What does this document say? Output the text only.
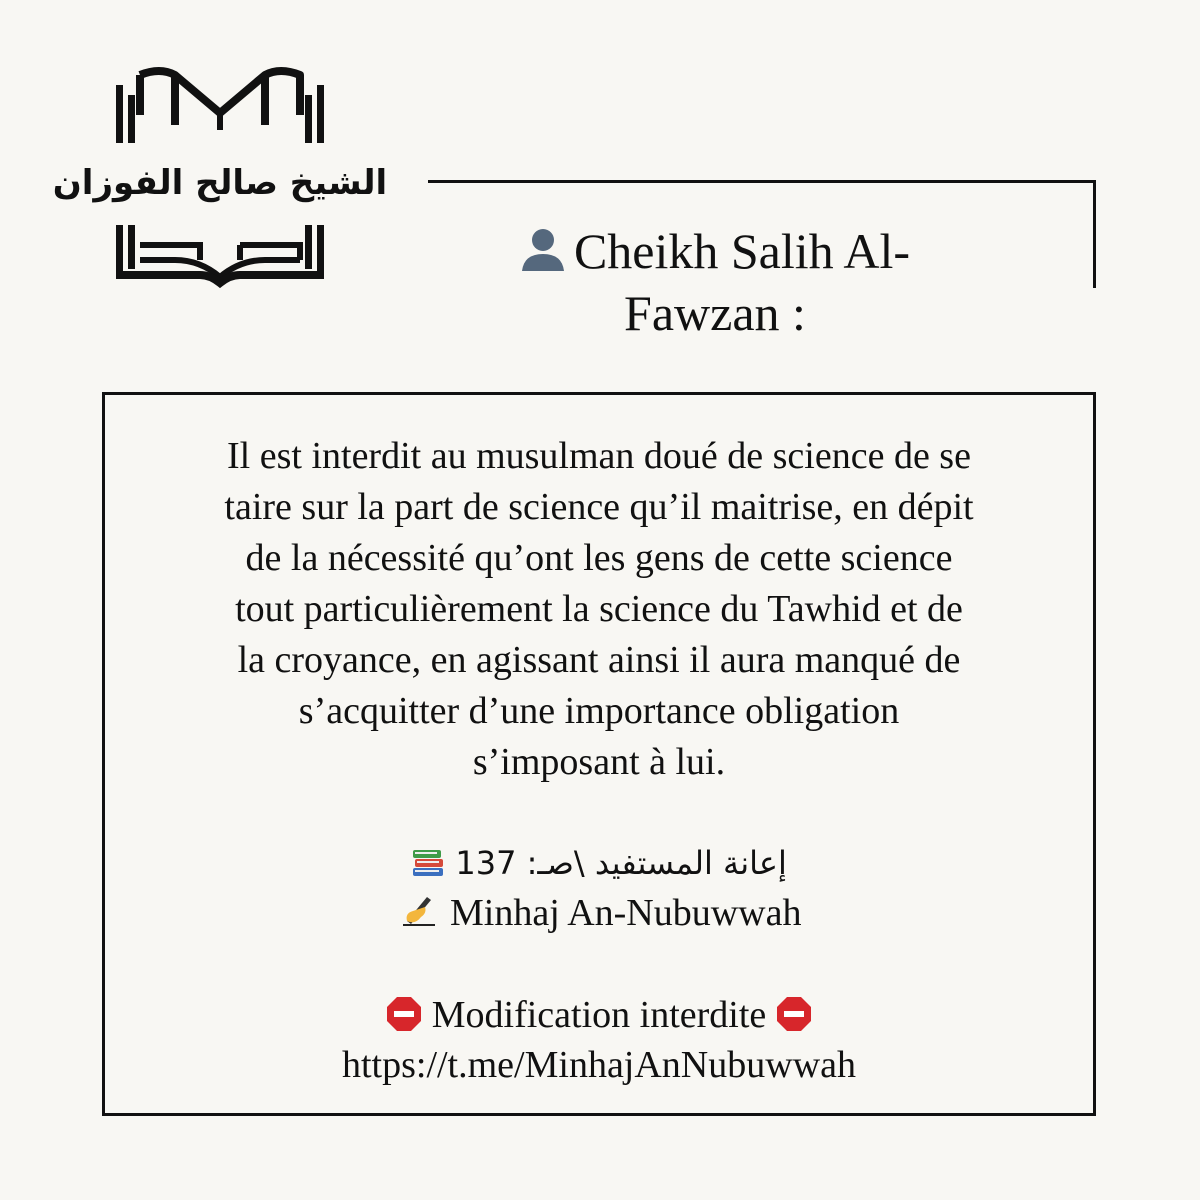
الشيخ صالح الفوزان
Cheikh Salih Al-
Fawzan :
Il est interdit au musulman doué de science de se
taire sur la part de science qu’il maitrise, en dépit
de la nécessité qu’ont les gens de cette science
tout particulièrement la science du Tawhid et de
la croyance, en agissant ainsi il aura manqué de
s’acquitter d’une importance obligation
s’imposant à lui.
إعانة المستفيد \صـ: 137
Minhaj An-Nubuwwah
Modification interdite
https://t.me/MinhajAnNubuwwah
